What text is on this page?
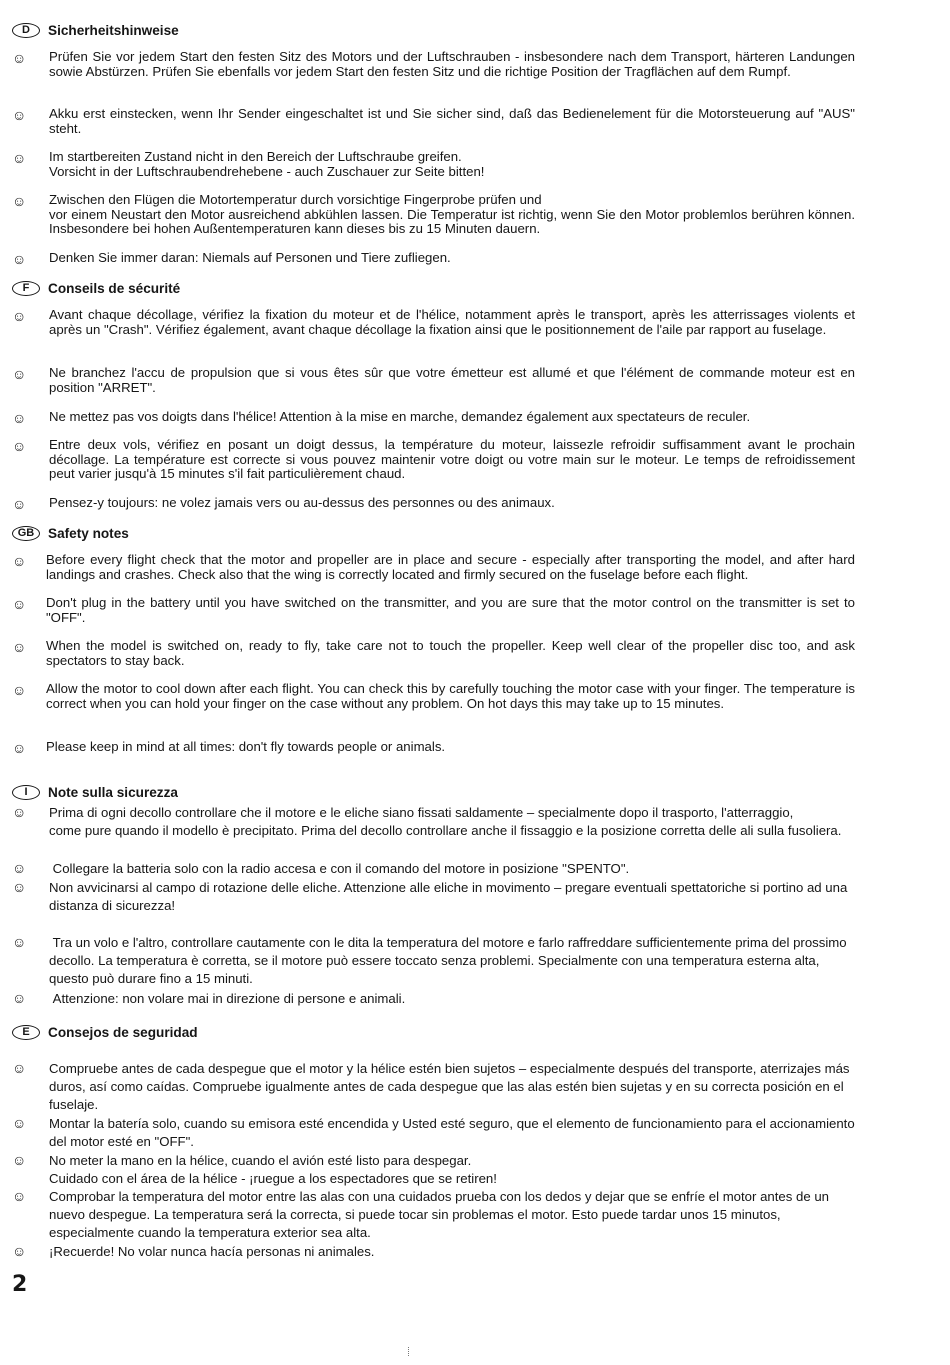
D	Sicherheitshinweise
☺ Prüfen Sie vor jedem Start den festen Sitz des Motors und der Luftschrauben - insbesondere nach dem Transport, härteren Landungen sowie Abstürzen. Prüfen Sie ebenfalls vor jedem Start den festen Sitz und die richtige Position der Tragflächen auf dem Rumpf.
☺ Akku erst einstecken, wenn Ihr Sender eingeschaltet ist und Sie sicher sind, daß das Bedienelement für die Motorsteuerung auf "AUS" steht.
☺ Im startbereiten Zustand nicht in den Bereich der Luftschraube greifen.
Vorsicht in der Luftschraubendrehebene - auch Zuschauer zur Seite bitten!
☺ Zwischen den Flügen die Motortemperatur durch vorsichtige Fingerprobe prüfen und
vor einem Neustart den Motor ausreichend abkühlen lassen. Die Temperatur ist richtig, wenn Sie den Motor problemlos berühren können. Insbesondere bei hohen Außentemperaturen kann dieses bis zu 15 Minuten dauern.
☺ Denken Sie immer daran: Niemals auf Personen und Tiere zufliegen.
F	Conseils de sécurité
☺ Avant chaque décollage, vérifiez la fixation du moteur et de l'hélice, notamment après le transport, après les atterrissages violents et après un "Crash". Vérifiez également, avant chaque décollage la fixation ainsi que le positionnement de l'aile par rapport au fuselage.
☺ Ne branchez l'accu de propulsion que si vous êtes sûr que votre émetteur est allumé et que l'élément de commande moteur est en position "ARRET".
☺ Ne mettez pas vos doigts dans l'hélice! Attention à la mise en marche, demandez également aux spectateurs de reculer.
☺ Entre deux vols, vérifiez en posant un doigt dessus, la température du moteur, laissezle refroidir suffisamment avant le prochain décollage. La température est correcte si vous pouvez maintenir votre doigt ou votre main sur le moteur. Le temps de refroidissement peut varier jusqu'à 15 minutes s'il fait particulièrement chaud.
☺ Pensez-y toujours: ne volez jamais vers ou au-dessus des personnes ou des animaux.
GB	Safety notes
☺ Before every flight check that the motor and propeller are in place and secure - especially after transporting the model, and after hard landings and crashes. Check also that the wing is correctly located and firmly secured on the fuselage before each flight.
☺ Don't plug in the battery until you have switched on the transmitter, and you are sure that the motor control on the transmitter is set to "OFF".
☺ When the model is switched on, ready to fly, take care not to touch the propeller. Keep well clear of the propeller disc too, and ask spectators to stay back.
☺ Allow the motor to cool down after each flight. You can check this by carefully touching the motor case with your finger. The temperature is correct when you can hold your finger on the case without any problem. On hot days this may take up to 15 minutes.
☺ Please keep in mind at all times: don't fly towards people or animals.
I	Note sulla sicurezza
☺ Prima di ogni decollo controllare che il motore e le eliche siano fissati saldamente – specialmente dopo il trasporto, l'atterraggio,
come pure quando il modello è precipitato. Prima del decollo controllare anche il fissaggio e la posizione corretta delle ali sulla fusoliera.
☺ Collegare la batteria solo con la radio accesa e con il comando del motore in posizione "SPENTO".
☺ Non avvicinarsi al campo di rotazione delle eliche. Attenzione alle eliche in movimento – pregare eventuali spettatoriche si portino ad una distanza di sicurezza!
☺ Tra un volo e l'altro, controllare cautamente con le dita la temperatura del motore e farlo raffreddare sufficientemente prima del prossimo decollo. La temperatura è corretta, se il motore può essere toccato senza problemi. Specialmente con una temperatura esterna alta, questo può durare fino a 15 minuti.
☺ Attenzione: non volare mai in direzione di persone e animali.
E	Consejos de seguridad
☺ Compruebe antes de cada despegue que el motor y la hélice estén bien sujetos – especialmente después del transporte, aterrizajes más duros, así como caídas. Compruebe igualmente antes de cada despegue que las alas estén bien sujetas y en su correcta posición en el fuselaje.
☺ Montar la batería solo, cuando su emisora esté encendida y Usted esté seguro, que el elemento de funcionamiento para el accionamiento del motor esté en "OFF".
☺ No meter la mano en la hélice, cuando el avión esté listo para despegar.
Cuidado con el área de la hélice - ¡ruegue a los espectadores que se retiren!
☺ Comprobar la temperatura del motor entre las alas con una cuidados prueba con los dedos y dejar que se enfríe el motor antes de un nuevo despegue. La temperatura será la correcta, si puede tocar sin problemas el motor. Esto puede tardar unos 15 minutos, especialmente cuando la temperatura exterior sea alta.
☺ ¡Recuerde! No volar nunca hacía personas ni animales.
2
